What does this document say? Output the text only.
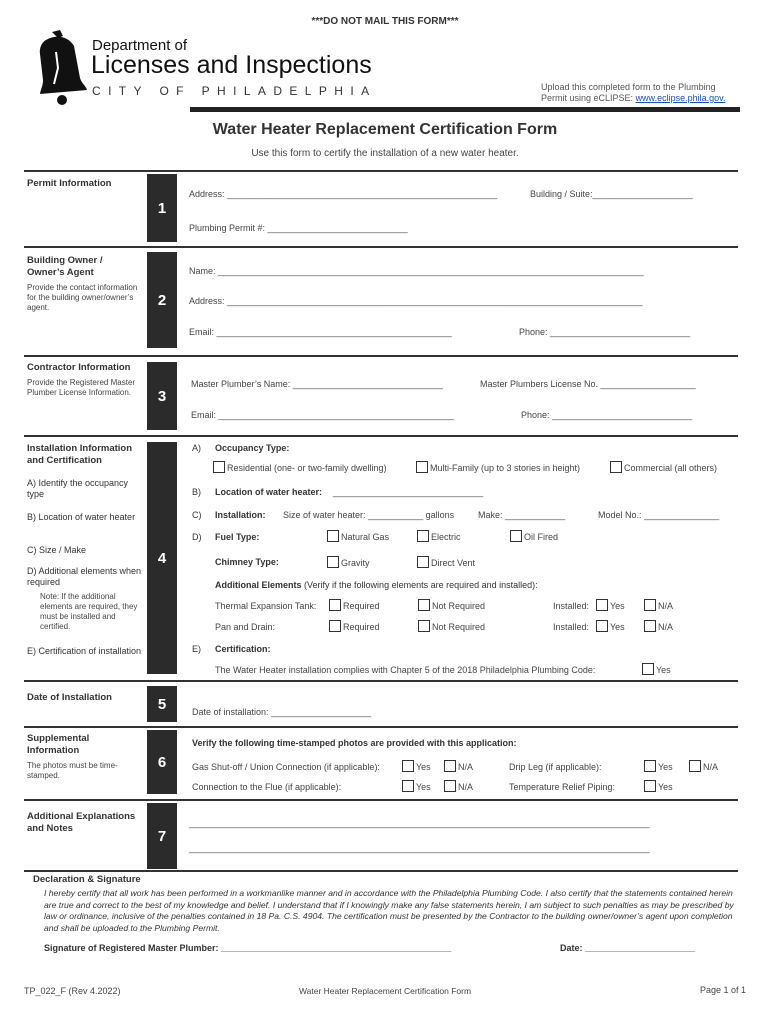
***DO NOT MAIL THIS FORM***
Department of
Licenses and Inspections
CITY OF PHILADELPHIA	Upload this completed form to the Plumbing Permit using eCLIPSE: www.eclipse.phila.gov.
Water Heater Replacement Certification Form
Use this form to certify the installation of a new water heater.
Permit Information
1
Address: ______________________________________________________	Building / Suite:____________________
Plumbing Permit #: ____________________________
Building Owner / Owner’s Agent
Provide the contact information for the building owner/owner’s agent.	2
Name: _____________________________________________________________________________________
Address: ___________________________________________________________________________________
Email: _______________________________________________	Phone: ____________________________
Contractor Information
Provide the Registered Master Plumber License Information.	3
Master Plumber’s Name: ______________________________	Master Plumbers License No. ___________________
Email: _______________________________________________	Phone: ____________________________
Installation Information and Certification
A) Identify the occupancy type
B) Location of water heater
C) Size / Make
D) Additional elements when required
Note: If the additional elements are required, they must be installed and certified.
E) Certification of installation
4
A) Occupancy Type:
Residential (one- or two-family dwelling)	Multi-Family (up to 3 stories in height)	Commercial (all others)
B) Location of water heater: ______________________________
C) Installation: Size of water heater: ___________ gallons	Make: ____________	Model No.: _______________
D) Fuel Type:	Natural Gas	Electric	Oil Fired
Chimney Type:	Gravity	Direct Vent
Additional Elements (Verify if the following elements are required and installed):
Thermal Expansion Tank:	Required	Not Required	Installed:	Yes	N/A
Pan and Drain:	Required	Not Required	Installed:	Yes	N/A
E) Certification:
The Water Heater installation complies with Chapter 5 of the 2018 Philadelphia Plumbing Code:	Yes
Date of Installation	5	Date of installation: ____________________
Supplemental Information
The photos must be time-stamped.
6
Verify the following time-stamped photos are provided with this application:
Gas Shut-off / Union Connection (if applicable):	Yes	N/A	Drip Leg (if applicable):	Yes	N/A
Connection to the Flue (if applicable):	Yes	N/A	Temperature Relief Piping:	Yes
Additional Explanations and Notes	7
____________________________________________________________________________________________
____________________________________________________________________________________________
Declaration & Signature
I hereby certify that all work has been performed in a workmanlike manner and in accordance with the Philadelphia Plumbing Code. I also certify that the statements contained herein are true and correct to the best of my knowledge and belief. I understand that if I knowingly make any false statements herein, I am subject to such penalties as may be prescribed by law or ordinance, inclusive of the penalties contained in 18 Pa. C.S. 4904. The certification must be presented by the Contractor to the building owner/owner’s agent upon completion and shall be uploaded to the Plumbing Permit.
Signature of Registered Master Plumber: ______________________________________________	Date: ______________________
TP_022_F (Rev 4.2022)	Water Heater Replacement Certification Form	Page 1 of 1
